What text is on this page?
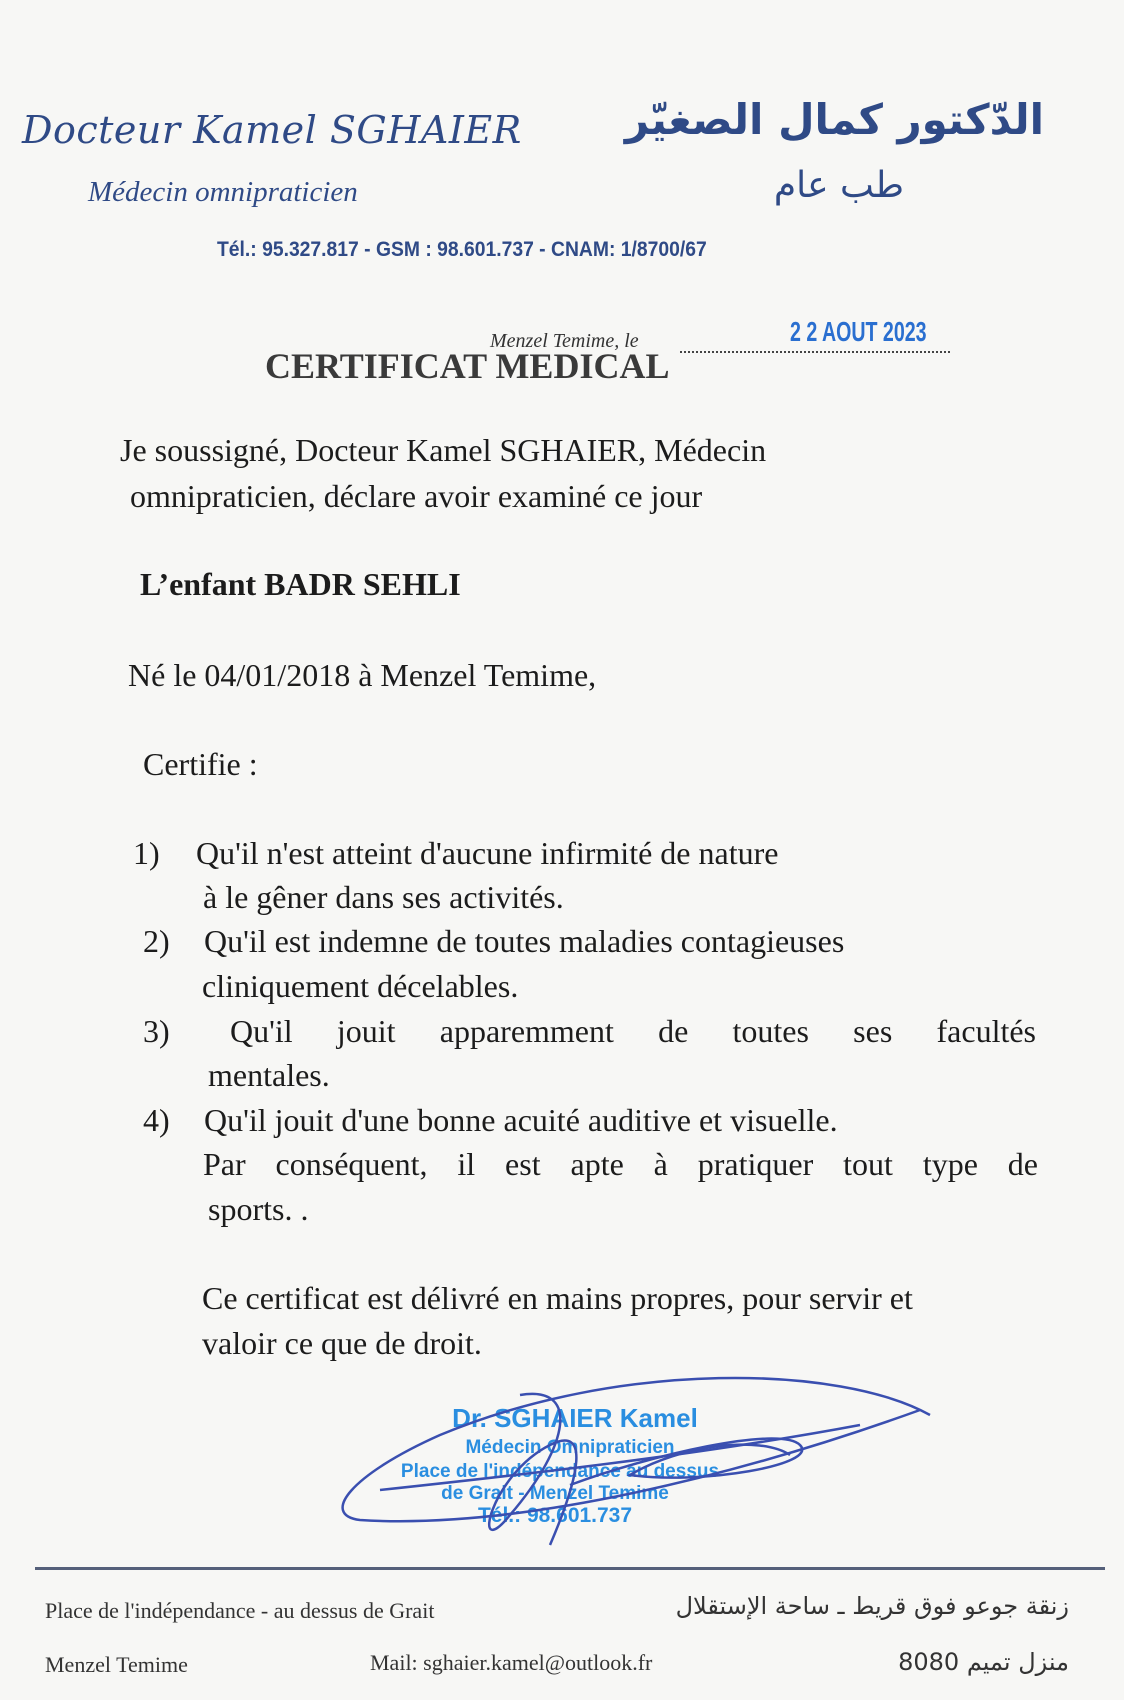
Docteur Kamel SGHAIER
Médecin omnipraticien
الدّكتور كمال الصغيّر
طب عام
Tél.: 95.327.817 - GSM : 98.601.737 - CNAM: 1/8700/67
Menzel Temime, le	2 2 AOUT 2023
CERTIFICAT MEDICAL
Je soussigné, Docteur Kamel SGHAIER, Médecin
omnipraticien, déclare avoir examiné ce jour
L’enfant BADR SEHLI
Né le 04/01/2018 à Menzel Temime,
Certifie :
1) Qu'il n'est atteint d'aucune infirmité de nature
à le gêner dans ses activités.
2) Qu'il est indemne de toutes maladies contagieuses
cliniquement décelables.
3) Qu'il jouit apparemment de toutes ses facultés
mentales.
4) Qu'il jouit d'une bonne acuité auditive et visuelle.
Par conséquent, il est apte à pratiquer tout type de
sports. .
Ce certificat est délivré en mains propres, pour servir et
valoir ce que de droit.
Dr. SGHAIER Kamel
Médecin Omnipraticien
Place de l'indépendance au dessus
de Grait - Menzel Temime
Tél.: 98.601.737
Place de l'indépendance - au dessus de Grait
Menzel Temime	Mail: sghaier.kamel@outlook.fr
زنقة جوعو فوق قريط ـ ساحة الإستقلال
منزل تميم 8080
